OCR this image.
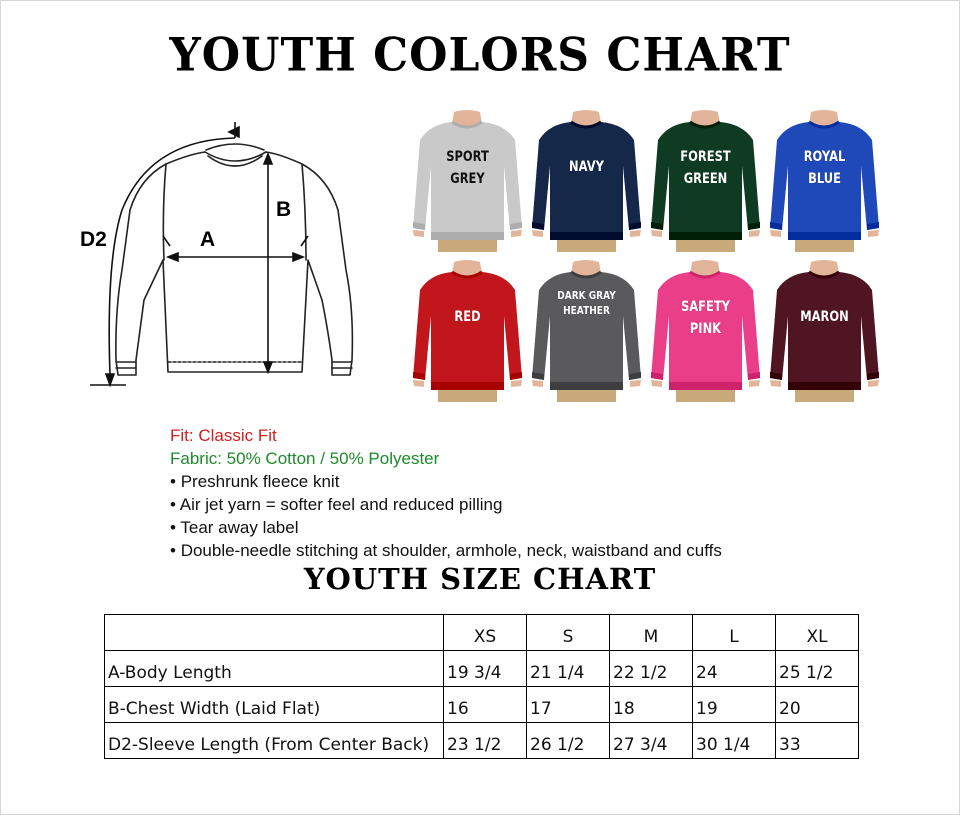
YOUTH COLORS CHART
A
B
D2
SPORT
GREY
NAVY
FOREST
GREEN
ROYAL
BLUE
RED
DARK GRAY
HEATHER	SAFETY
PINK
MARON
Fit: Classic Fit
Fabric: 50% Cotton / 50% Polyester
• Preshrunk fleece knit
• Air jet yarn = softer feel and reduced pilling
• Tear away label
• Double-needle stitching at shoulder, armhole, neck, waistband and cuffs
YOUTH SIZE CHART
	XS	S	M	L	XL
A-Body Length	19 3/4	21 1/4	22 1/2	24	25 1/2
B-Chest Width (Laid Flat)	16	17	18	19	20
D2-Sleeve Length (From Center Back)	23 1/2	26 1/2	27 3/4	30 1/4	33
